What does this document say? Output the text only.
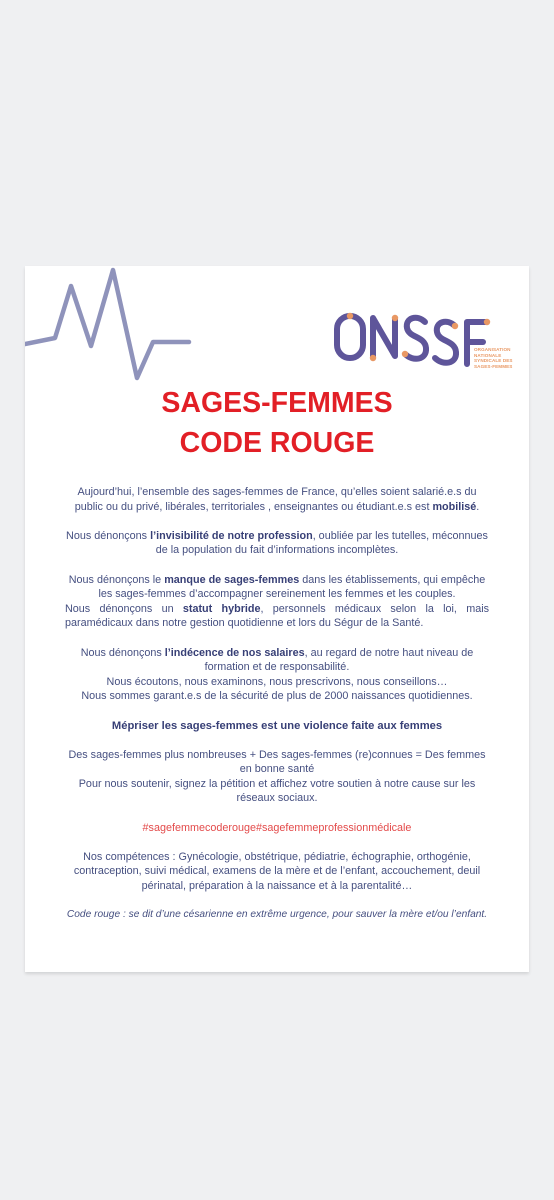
ORGANISATION
NATIONALE
SYNDICALE DES
SAGES-FEMMES

SAGES-FEMMES
CODE ROUGE

Aujourd’hui, l’ensemble des sages-femmes de France, qu’elles soient salarié.e.s du public ou du privé, libérales, territoriales , enseignantes ou étudiant.e.s est mobilisé.

Nous dénonçons l’invisibilité de notre profession, oubliée par les tutelles, méconnues de la population du fait d’informations incomplètes.

Nous dénonçons le manque de sages-femmes dans les établissements, qui empêche les sages-femmes d’accompagner sereinement les femmes et les couples.

Nous dénonçons un statut hybride, personnels médicaux selon la loi, mais paramédicaux dans notre gestion quotidienne et lors du Ségur de la Santé.

Nous dénonçons l’indécence de nos salaires, au regard de notre haut niveau de formation et de responsabilité.

Nous écoutons, nous examinons, nous prescrivons, nous conseillons…

Nous sommes garant.e.s de la sécurité de plus de 2000 naissances quotidiennes.

Mépriser les sages-femmes est une violence faite aux femmes

Des sages-femmes plus nombreuses + Des sages-femmes (re)connues = Des femmes en bonne santé

Pour nous soutenir, signez la pétition et affichez votre soutien à notre cause sur les réseaux sociaux.

#sagefemmecoderouge#sagefemmeprofessionmédicale

Nos compétences : Gynécologie, obstétrique, pédiatrie, échographie, orthogénie, contraception, suivi médical, examens de la mère et de l’enfant, accouchement, deuil périnatal, préparation à la naissance et à la parentalité…

Code rouge : se dit d’une césarienne en extrême urgence, pour sauver la mère et/ou l’enfant.
